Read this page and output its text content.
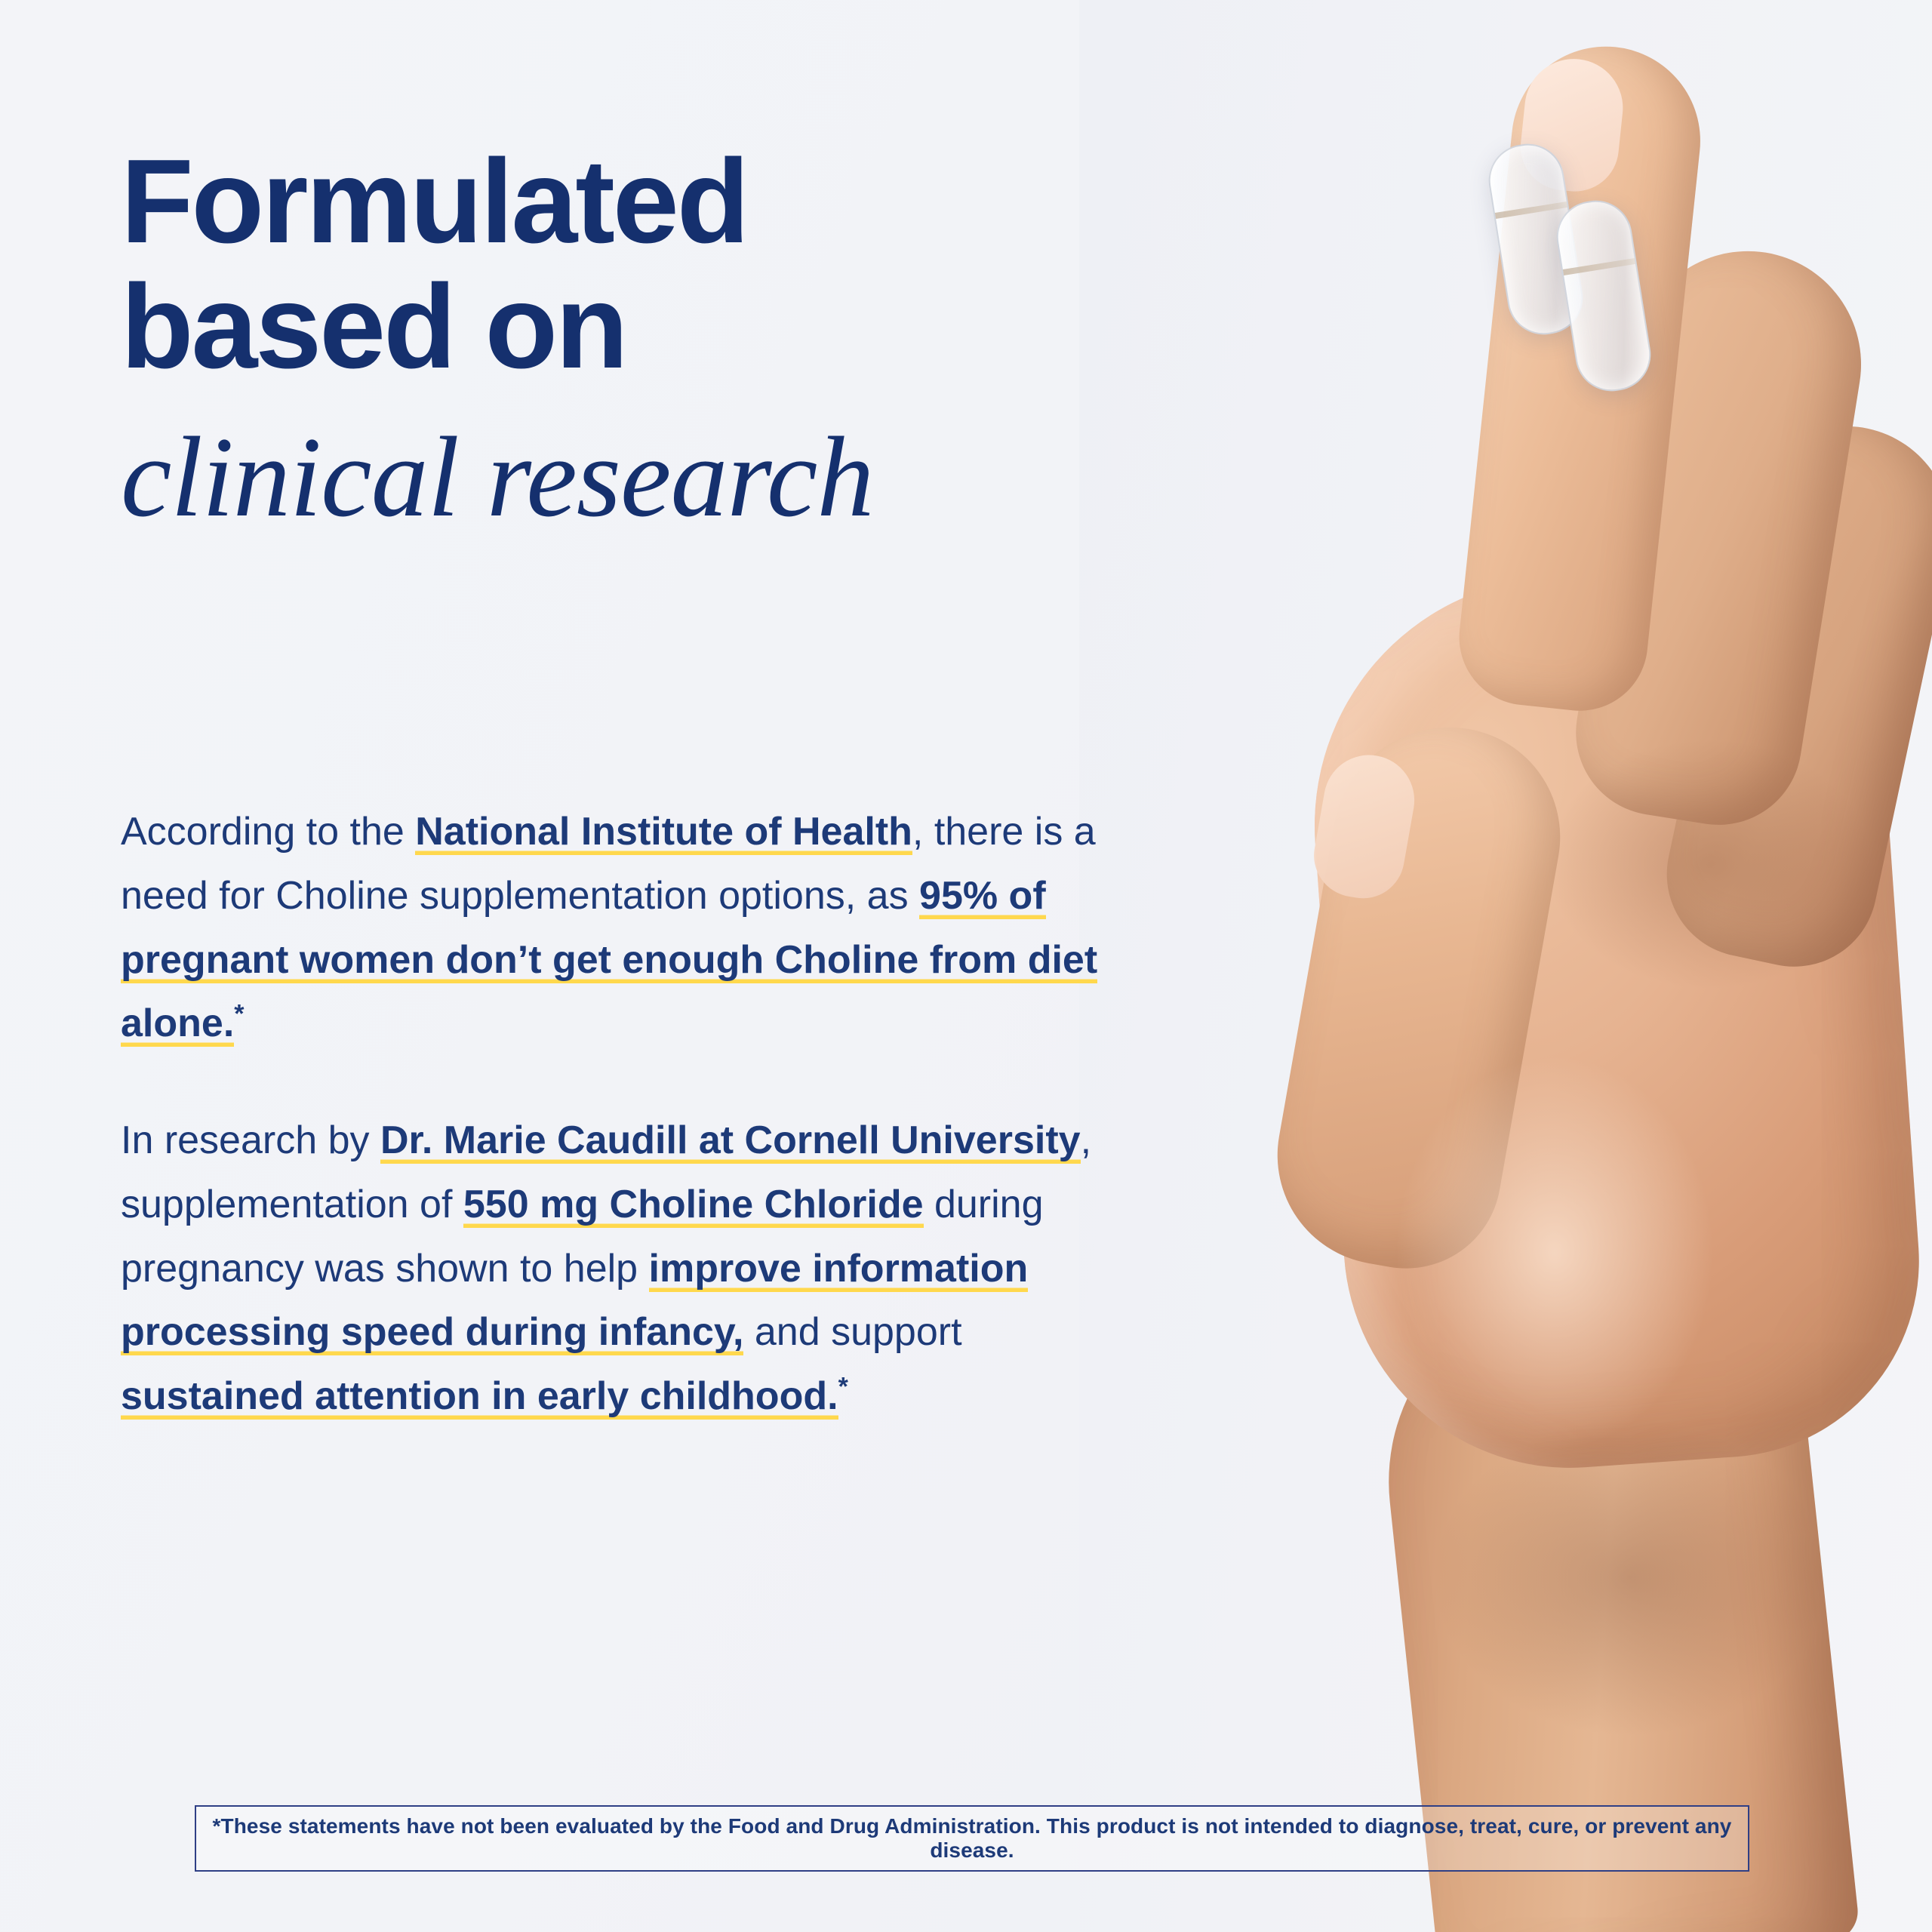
Formulated
based on
clinical research

According to the National Institute of Health, there is a need for Choline supplementation options, as 95% of pregnant women don’t get enough Choline from diet alone.*

In research by Dr. Marie Caudill at Cornell University, supplementation of 550 mg Choline Chloride during pregnancy was shown to help improve information processing speed during infancy, and support sustained attention in early childhood.*

*These statements have not been evaluated by the Food and Drug Administration. This product is not intended to diagnose, treat, cure, or prevent any disease.
